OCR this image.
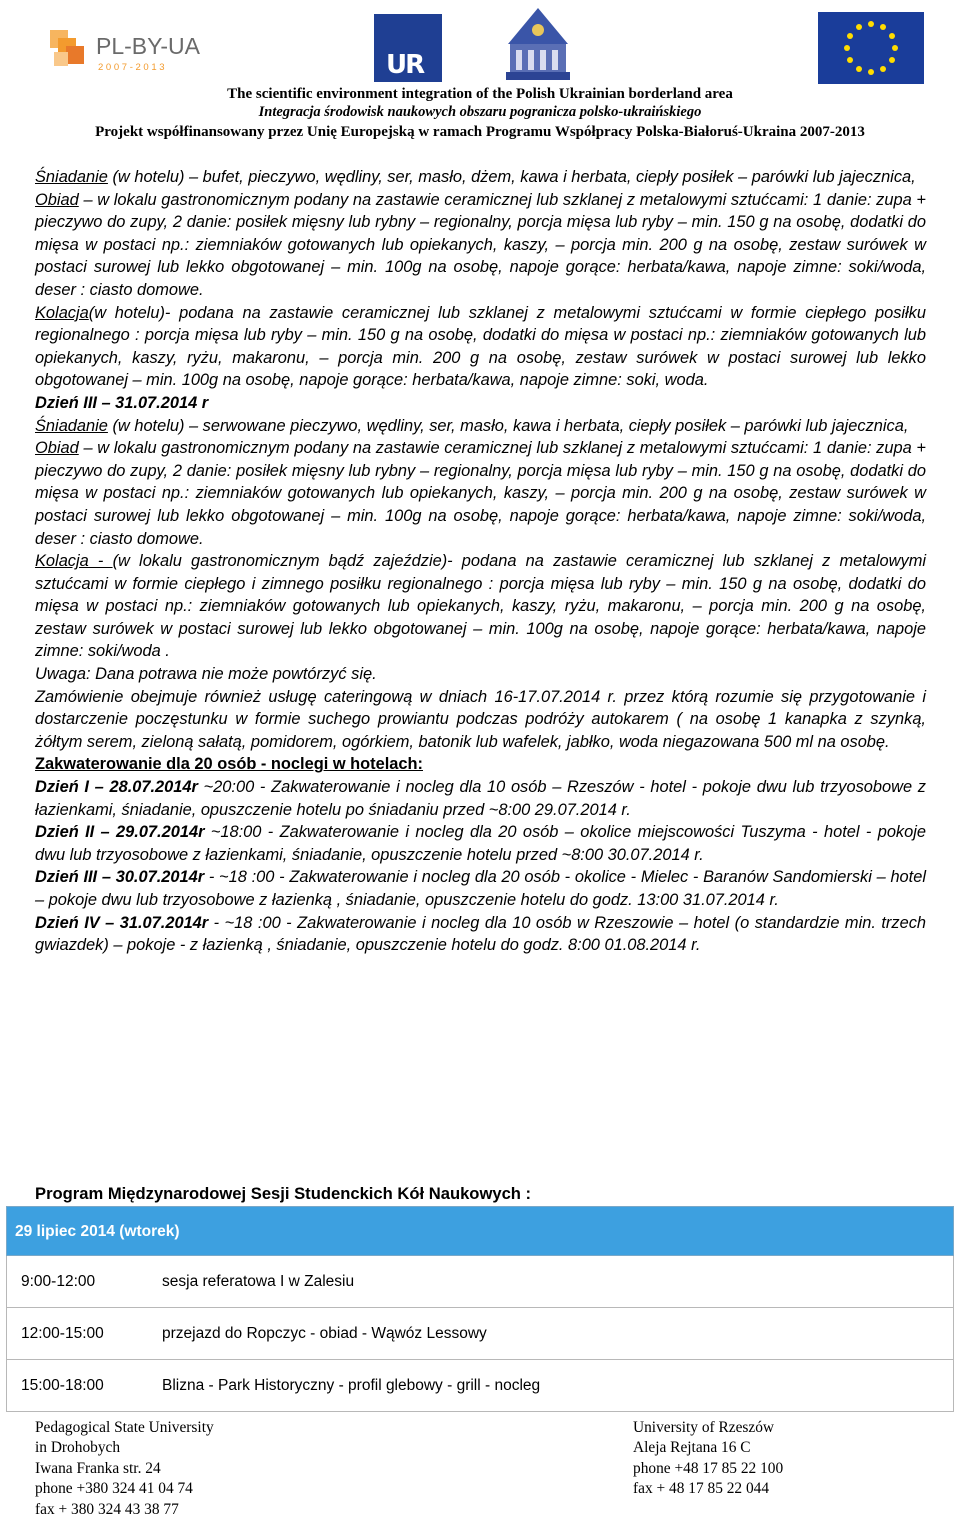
PL-BY-UA
2 0 0 7 - 2 0 1 3	UR
The scientific environment integration of the Polish Ukrainian borderland area
Integracja środowisk naukowych obszaru pogranicza polsko-ukraińskiego
Projekt współfinansowany przez Unię Europejską w ramach Programu Współpracy Polska-Białoruś-Ukraina 2007-2013

Śniadanie (w hotelu) – bufet, pieczywo, wędliny, ser, masło, dżem, kawa i herbata, ciepły posiłek – parówki lub jajecznica,

Obiad – w lokalu gastronomicznym podany na zastawie ceramicznej lub szklanej z metalowymi sztućcami: 1 danie: zupa + pieczywo do zupy, 2 danie: posiłek mięsny lub rybny – regionalny, porcja mięsa lub ryby – min. 150 g na osobę, dodatki do mięsa w postaci np.: ziemniaków gotowanych lub opiekanych, kaszy, – porcja min. 200 g na osobę, zestaw surówek w postaci surowej lub lekko obgotowanej – min. 100g na osobę, napoje gorące: herbata/kawa, napoje zimne: soki/woda, deser : ciasto domowe.

Kolacja(w hotelu)- podana na zastawie ceramicznej lub szklanej z metalowymi sztućcami w formie ciepłego posiłku regionalnego : porcja mięsa lub ryby – min. 150 g na osobę, dodatki do mięsa w postaci np.: ziemniaków gotowanych lub opiekanych, kaszy, ryżu, makaronu, – porcja min. 200 g na osobę, zestaw surówek w postaci surowej lub lekko obgotowanej – min. 100g na osobę, napoje gorące: herbata/kawa, napoje zimne: soki, woda.

Dzień III – 31.07.2014 r

Śniadanie (w hotelu) – serwowane pieczywo, wędliny, ser, masło, kawa i herbata, ciepły posiłek – parówki lub jajecznica,

Obiad – w lokalu gastronomicznym podany na zastawie ceramicznej lub szklanej z metalowymi sztućcami: 1 danie: zupa + pieczywo do zupy, 2 danie: posiłek mięsny lub rybny – regionalny, porcja mięsa lub ryby – min. 150 g na osobę, dodatki do mięsa w postaci np.: ziemniaków gotowanych lub opiekanych, kaszy, – porcja min. 200 g na osobę, zestaw surówek w postaci surowej lub lekko obgotowanej – min. 100g na osobę, napoje gorące: herbata/kawa, napoje zimne: soki/woda, deser : ciasto domowe.

Kolacja - (w lokalu gastronomicznym bądź zajeździe)- podana na zastawie ceramicznej lub szklanej z metalowymi sztućcami w formie ciepłego i zimnego posiłku regionalnego : porcja mięsa lub ryby – min. 150 g na osobę, dodatki do mięsa w postaci np.: ziemniaków gotowanych lub opiekanych, kaszy, ryżu, makaronu, – porcja min. 200 g na osobę, zestaw surówek w postaci surowej lub lekko obgotowanej – min. 100g na osobę, napoje gorące: herbata/kawa, napoje zimne: soki/woda .

Uwaga: Dana potrawa nie może powtórzyć się.

Zamówienie obejmuje również usługę cateringową w dniach 16-17.07.2014 r. przez którą rozumie się przygotowanie i dostarczenie poczęstunku w formie suchego prowiantu podczas podróży autokarem ( na osobę 1 kanapka z szynką, żółtym serem, zieloną sałatą, pomidorem, ogórkiem, batonik lub wafelek, jabłko, woda niegazowana 500 ml na osobę.

Zakwaterowanie dla 20 osób - noclegi w hotelach:

Dzień I – 28.07.2014r ~20:00 - Zakwaterowanie i nocleg dla 10 osób – Rzeszów - hotel - pokoje dwu lub trzyosobowe z łazienkami, śniadanie, opuszczenie hotelu po śniadaniu przed ~8:00 29.07.2014 r.

Dzień II – 29.07.2014r ~18:00 - Zakwaterowanie i nocleg dla 20 osób – okolice miejscowości Tuszyma - hotel - pokoje dwu lub trzyosobowe z łazienkami, śniadanie, opuszczenie hotelu przed ~8:00 30.07.2014 r.

Dzień III – 30.07.2014r - ~18 :00 - Zakwaterowanie i nocleg dla 20 osób - okolice - Mielec - Baranów Sandomierski – hotel – pokoje dwu lub trzyosobowe z łazienką , śniadanie, opuszczenie hotelu do godz. 13:00 31.07.2014 r.

Dzień IV – 31.07.2014r - ~18 :00 - Zakwaterowanie i nocleg dla 10 osób w Rzeszowie – hotel (o standardzie min. trzech gwiazdek) – pokoje - z łazienką , śniadanie, opuszczenie hotelu do godz. 8:00 01.08.2014 r.

Program Międzynarodowej Sesji Studenckich Kół Naukowych :
29 lipiec 2014 (wtorek)
9:00-12:00	sesja referatowa I w Zalesiu
12:00-15:00	przejazd do Ropczyc - obiad - Wąwóz Lessowy
15:00-18:00	Blizna - Park Historyczny - profil glebowy - grill - nocleg
Pedagogical State University
in Drohobych
Iwana Franka str. 24
phone +380 324 41 04 74
fax + 380 324 43 38 77
University of Rzeszów
Aleja Rejtana 16 C
phone +48 17 85 22 100
fax + 48 17 85 22 044
